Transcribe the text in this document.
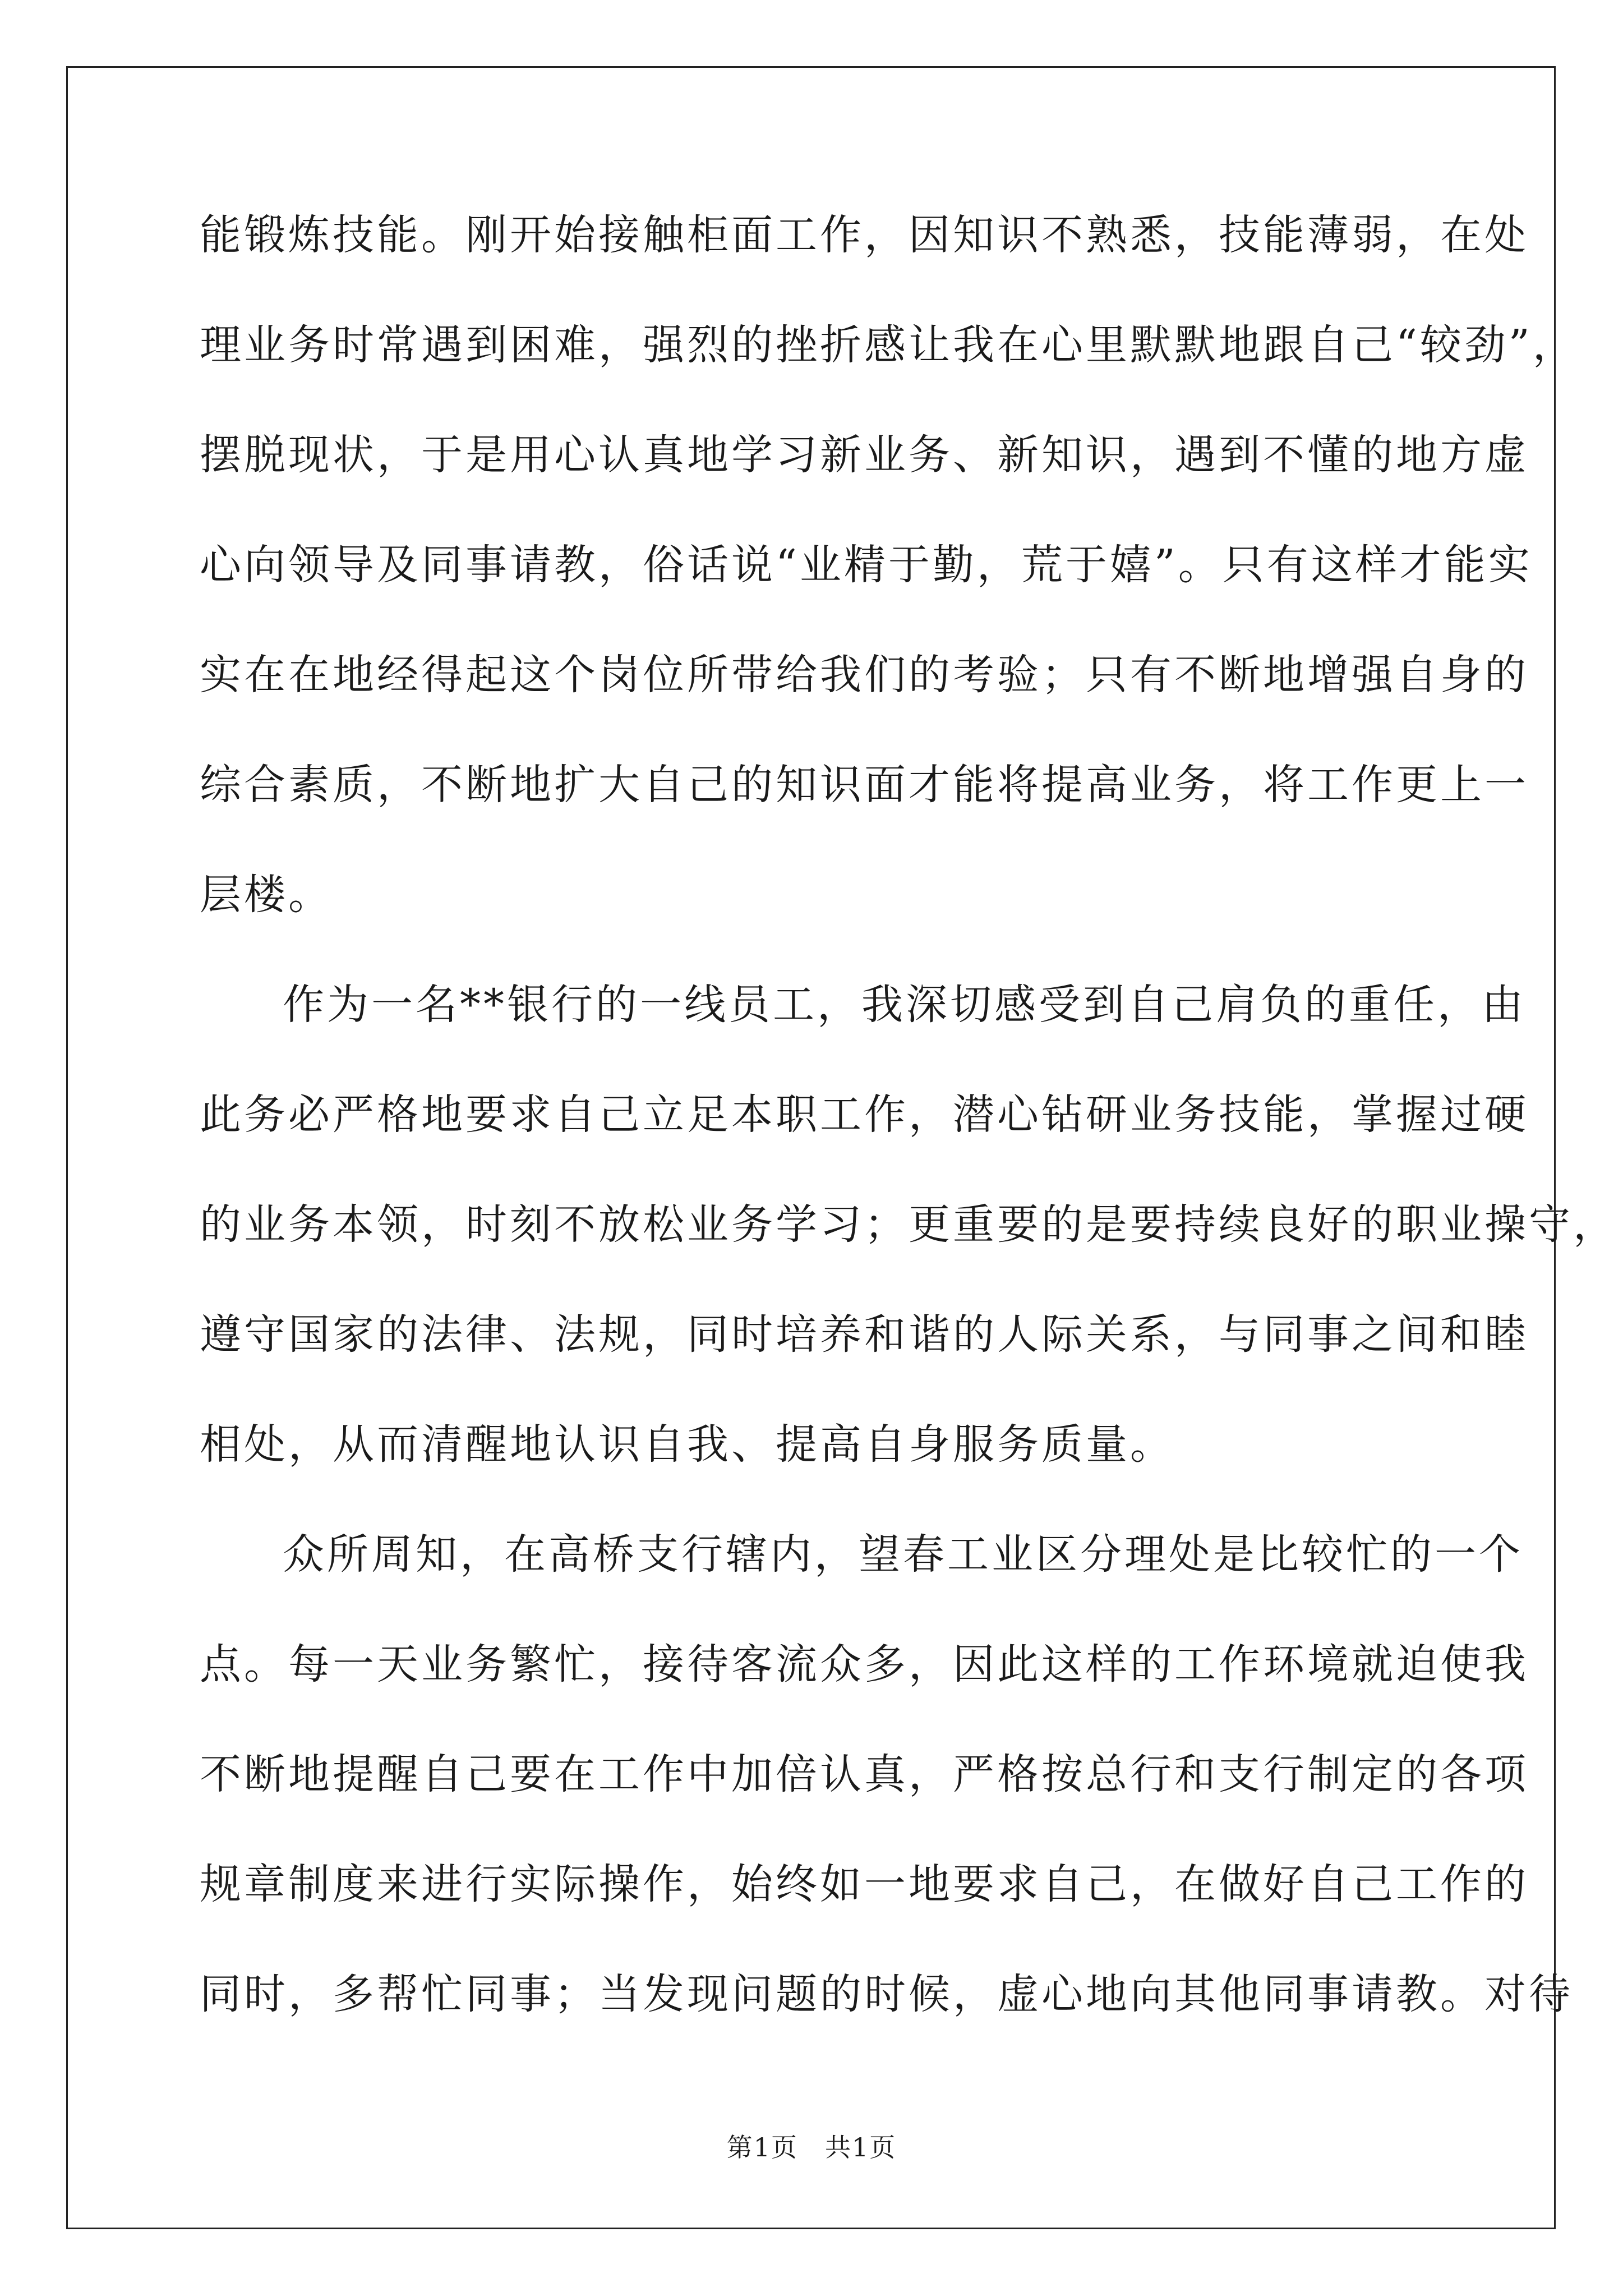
能 锻 炼 技 能 。 刚 开 始 接 触 柜 面 工 作 ， 因 知 识 不 熟 悉 ， 技 能 薄 弱 ， 在 处
理 业 务 时 常 遇 到 困 难 ， 强 烈 的 挫 折 感 让 我 在 心 里 默 默 地 跟 自 己 “ 较 劲 ” ，
摆 脱 现 状 ， 于 是 用 心 认 真 地 学 习 新 业 务 、 新 知 识 ， 遇 到 不 懂 的 地 方 虚
心 向 领 导 及 同 事 请 教 ， 俗 话 说 “ 业 精 于 勤 ， 荒 于 嬉 ” 。 只 有 这 样 才 能 实
实 在 在 地 经 得 起 这 个 岗 位 所 带 给 我 们 的 考 验 ； 只 有 不 断 地 增 强 自 身 的
综 合 素 质 ， 不 断 地 扩 大 自 己 的 知 识 面 才 能 将 提 高 业 务 ， 将 工 作 更 上 一
层楼。
作 为 一 名 * * 银 行 的 一 线 员 工 ， 我 深 切 感 受 到 自 己 肩 负 的 重 任 ， 由
此 务 必 严 格 地 要 求 自 己 立 足 本 职 工 作 ， 潜 心 钻 研 业 务 技 能 ， 掌 握 过 硬
的 业 务 本 领 ， 时 刻 不 放 松 业 务 学 习 ； 更 重 要 的 是 要 持 续 良 好 的 职 业 操 守 ，
遵 守 国 家 的 法 律 、 法 规 ， 同 时 培 养 和 谐 的 人 际 关 系 ， 与 同 事 之 间 和 睦
相处，从而清醒地认识自我、提高自身服务质量。
众 所 周 知 ， 在 高 桥 支 行 辖 内 ， 望 春 工 业 区 分 理 处 是 比 较 忙 的 一 个
点 。 每 一 天 业 务 繁 忙 ， 接 待 客 流 众 多 ， 因 此 这 样 的 工 作 环 境 就 迫 使 我
不 断 地 提 醒 自 己 要 在 工 作 中 加 倍 认 真 ， 严 格 按 总 行 和 支 行 制 定 的 各 项
规 章 制 度 来 进 行 实 际 操 作 ， 始 终 如 一 地 要 求 自 己 ， 在 做 好 自 己 工 作 的
同 时 ， 多 帮 忙 同 事 ； 当 发 现 问 题 的 时 候 ， 虚 心 地 向 其 他 同 事 请 教 。 对 待
第1页　共1页
